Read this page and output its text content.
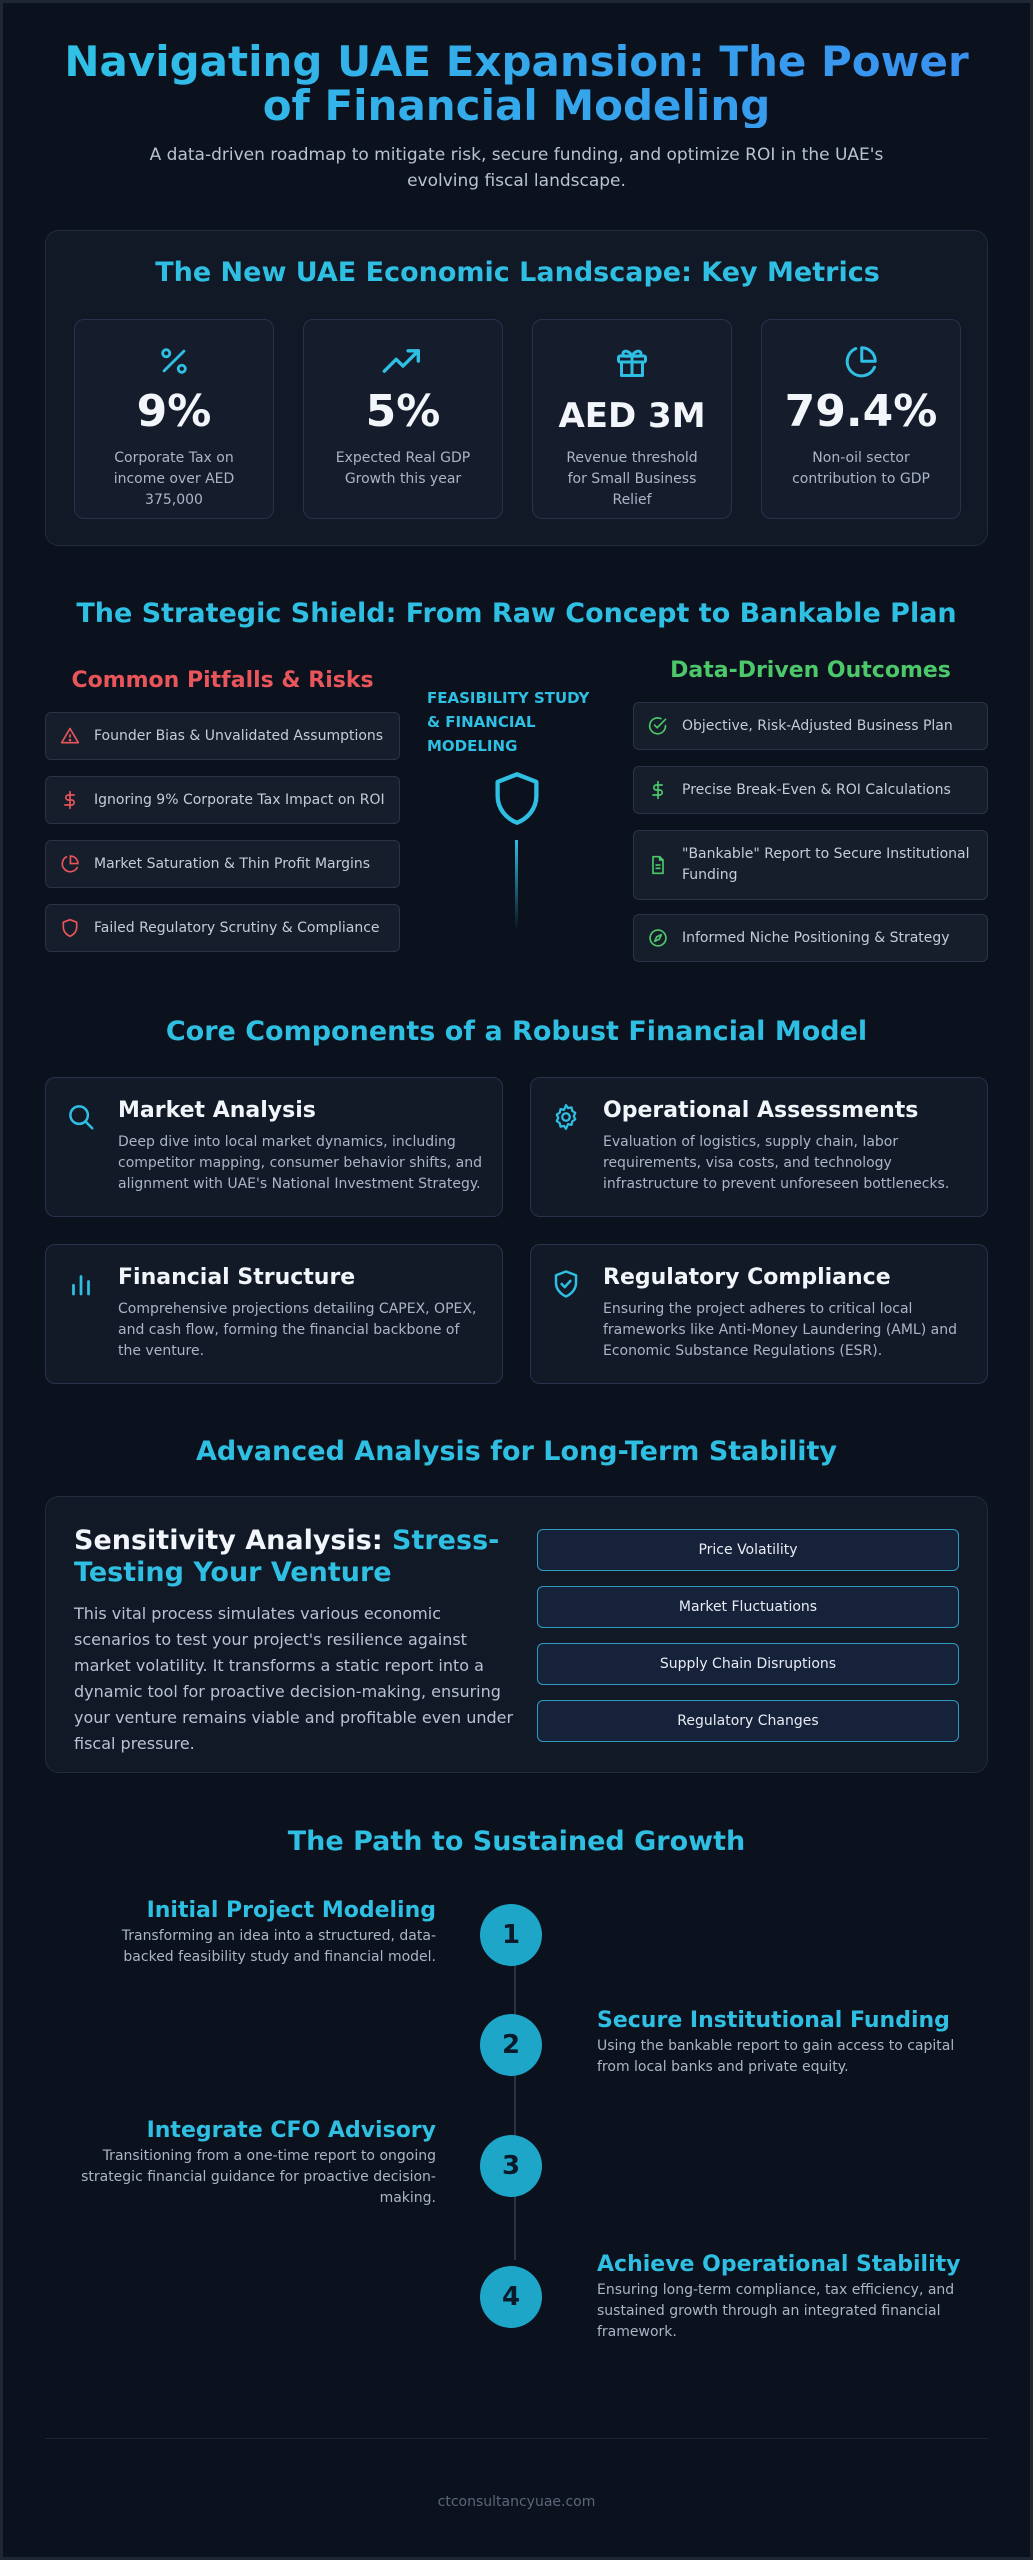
Navigating UAE Expansion: The Power of Financial Modeling

A data-driven roadmap to mitigate risk, secure funding, and optimize ROI in the UAE's evolving fiscal landscape.

The New UAE Economic Landscape: Key Metrics
9%
Corporate Tax on income over AED 375,000
5%
Expected Real GDP Growth this year
AED 3M
Revenue threshold for Small Business Relief
79.4%
Non-oil sector contribution to GDP
The Strategic Shield: From Raw Concept to Bankable Plan
Common Pitfalls & Risks
Founder Bias & Unvalidated Assumptions
Ignoring 9% Corporate Tax Impact on ROI
Market Saturation & Thin Profit Margins
Failed Regulatory Scrutiny & Compliance
FEASIBILITY STUDY & FINANCIAL MODELING
Data-Driven Outcomes
Objective, Risk-Adjusted Business Plan
Precise Break-Even & ROI Calculations
"Bankable" Report to Secure Institutional Funding
Informed Niche Positioning & Strategy
Core Components of a Robust Financial Model
Market Analysis
Deep dive into local market dynamics, including competitor mapping, consumer behavior shifts, and alignment with UAE's National Investment Strategy.
Operational Assessments
Evaluation of logistics, supply chain, labor requirements, visa costs, and technology infrastructure to prevent unforeseen bottlenecks.
Financial Structure
Comprehensive projections detailing CAPEX, OPEX, and cash flow, forming the financial backbone of the venture.
Regulatory Compliance
Ensuring the project adheres to critical local frameworks like Anti-Money Laundering (AML) and Economic Substance Regulations (ESR).
Advanced Analysis for Long-Term Stability
Sensitivity Analysis: Stress-Testing Your Venture
This vital process simulates various economic scenarios to test your project's resilience against market volatility. It transforms a static report into a dynamic tool for proactive decision-making, ensuring your venture remains viable and profitable even under fiscal pressure.
Price Volatility
Market Fluctuations
Supply Chain Disruptions
Regulatory Changes
The Path to Sustained Growth
1
Initial Project Modeling
Transforming an idea into a structured, data-backed feasibility study and financial model.
2
Secure Institutional Funding
Using the bankable report to gain access to capital from local banks and private equity.
3
Integrate CFO Advisory
Transitioning from a one-time report to ongoing strategic financial guidance for proactive decision-making.
4
Achieve Operational Stability
Ensuring long-term compliance, tax efficiency, and sustained growth through an integrated financial framework.
ctconsultancyuae.com
